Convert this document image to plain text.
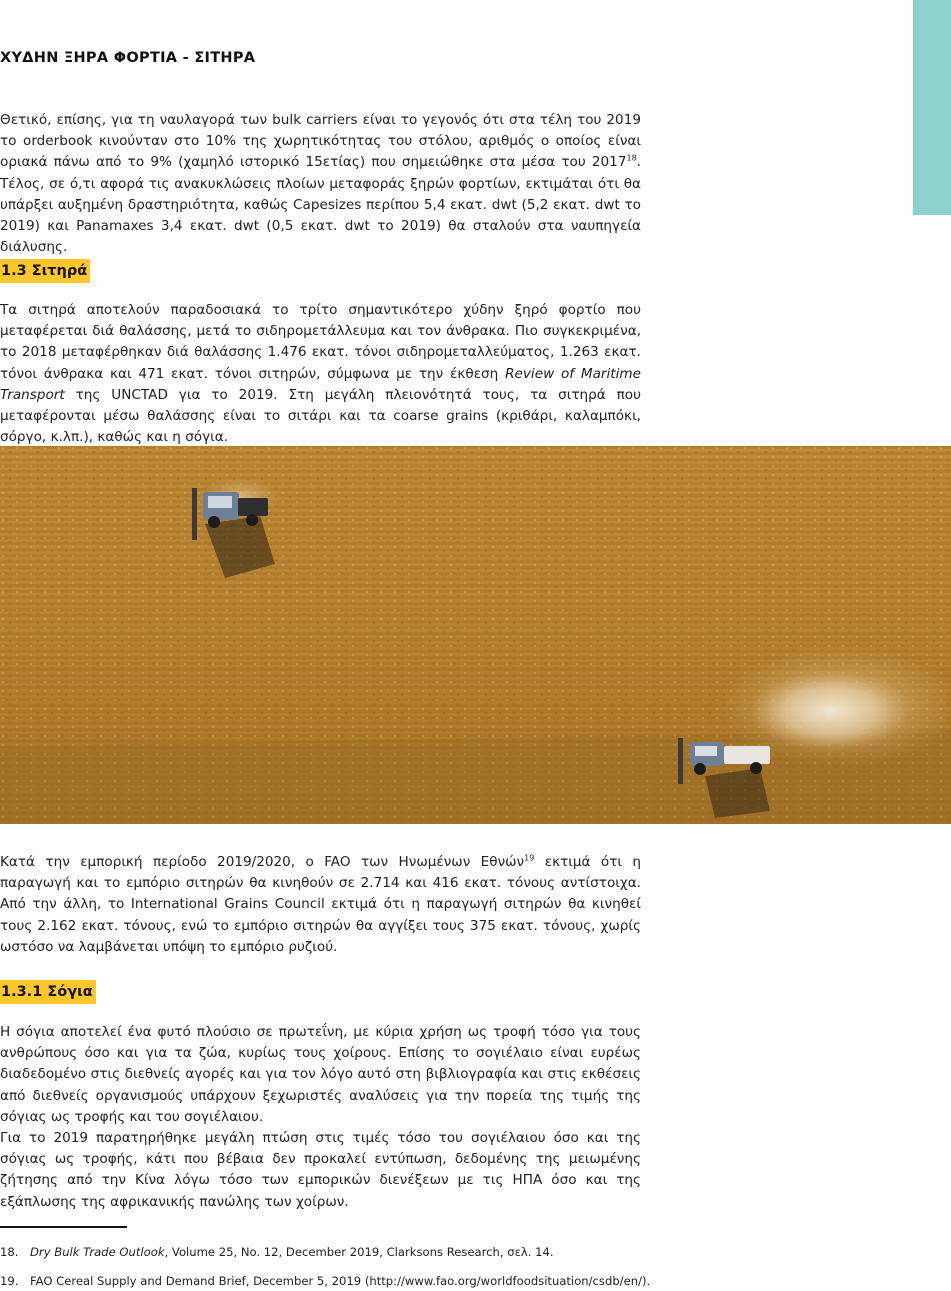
ΧΥΔΗΝ ΞΗΡΑ ΦΟΡΤΙΑ - ΣΙΤΗΡΑ

Θετικό, επίσης, για τη ναυλαγορά των bulk carriers είναι το γεγονός ότι στα τέλη του 2019 το orderbook κινούνταν στο 10% της χωρητικότητας του στόλου, αριθμός ο οποίος είναι οριακά πάνω από το 9% (χαμηλό ιστορικό 15ετίας) που σημειώθηκε στα μέσα του 2017$^{18}$. Τέλος, σε ό,τι αφορά τις ανακυκλώσεις πλοίων μεταφοράς ξηρών φορτίων, εκτιμάται ότι θα υπάρξει αυξημένη δραστηριότητα, καθώς Capesizes περίπου 5,4 εκατ. dwt (5,2 εκατ. dwt το 2019) και Panamaxes 3,4 εκατ. dwt (0,5 εκατ. dwt το 2019) θα σταλούν στα ναυπηγεία διάλυσης.

1.3 Σιτηρά

Τα σιτηρά αποτελούν παραδοσιακά το τρίτο σημαντικότερο χύδην ξηρό φορτίο που μεταφέρεται διά θαλάσσης, μετά το σιδηρομετάλλευμα και τον άνθρακα. Πιο συγκεκριμένα, το 2018 μεταφέρθηκαν διά θαλάσσης 1.476 εκατ. τόνοι σιδηρομεταλλεύματος, 1.263 εκατ. τόνοι άνθρακα και 471 εκατ. τόνοι σιτηρών, σύμφωνα με την έκθεση Review of Maritime Transport της UNCTAD για το 2019. Στη μεγάλη πλειονότητά τους, τα σιτηρά που μεταφέρονται μέσω θαλάσσης είναι το σιτάρι και τα coarse grains (κριθάρι, καλαμπόκι, σόργο, κ.λπ.), καθώς και η σόγια.

Κατά την εμπορική περίοδο 2019/2020, ο FAO των Ηνωμένων Εθνών$^{19}$ εκτιμά ότι η παραγωγή και το εμπόριο σιτηρών θα κινηθούν σε 2.714 και 416 εκατ. τόνους αντίστοιχα. Από την άλλη, το International Grains Council εκτιμά ότι η παραγωγή σιτηρών θα κινηθεί τους 2.162 εκατ. τόνους, ενώ το εμπόριο σιτηρών θα αγγίξει τους 375 εκατ. τόνους, χωρίς ωστόσο να λαμβάνεται υπόψη το εμπόριο ρυζιού.

1.3.1 Σόγια

Η σόγια αποτελεί ένα φυτό πλούσιο σε πρωτεΐνη, με κύρια χρήση ως τροφή τόσο για τους ανθρώπους όσο και για τα ζώα, κυρίως τους χοίρους. Επίσης το σογιέλαιο είναι ευρέως διαδεδομένο στις διεθνείς αγορές και για τον λόγο αυτό στη βιβλιογραφία και στις εκθέσεις από διεθνείς οργανισμούς υπάρχουν ξεχωριστές αναλύσεις για την πορεία της τιμής της σόγιας ως τροφής και του σογιέλαιου.

Για το 2019 παρατηρήθηκε μεγάλη πτώση στις τιμές τόσο του σογιέλαιου όσο και της σόγιας ως τροφής, κάτι που βέβαια δεν προκαλεί εντύπωση, δεδομένης της μειωμένης ζήτησης από την Κίνα λόγω τόσο των εμπορικών διενέξεων με τις ΗΠΑ όσο και της εξάπλωσης της αφρικανικής πανώλης των χοίρων.

18. Dry Bulk Trade Outlook, Volume 25, No. 12, December 2019, Clarksons Research, σελ. 14.
19. FAO Cereal Supply and Demand Brief, December 5, 2019 (http://www.fao.org/worldfoodsituation/csdb/en/).
